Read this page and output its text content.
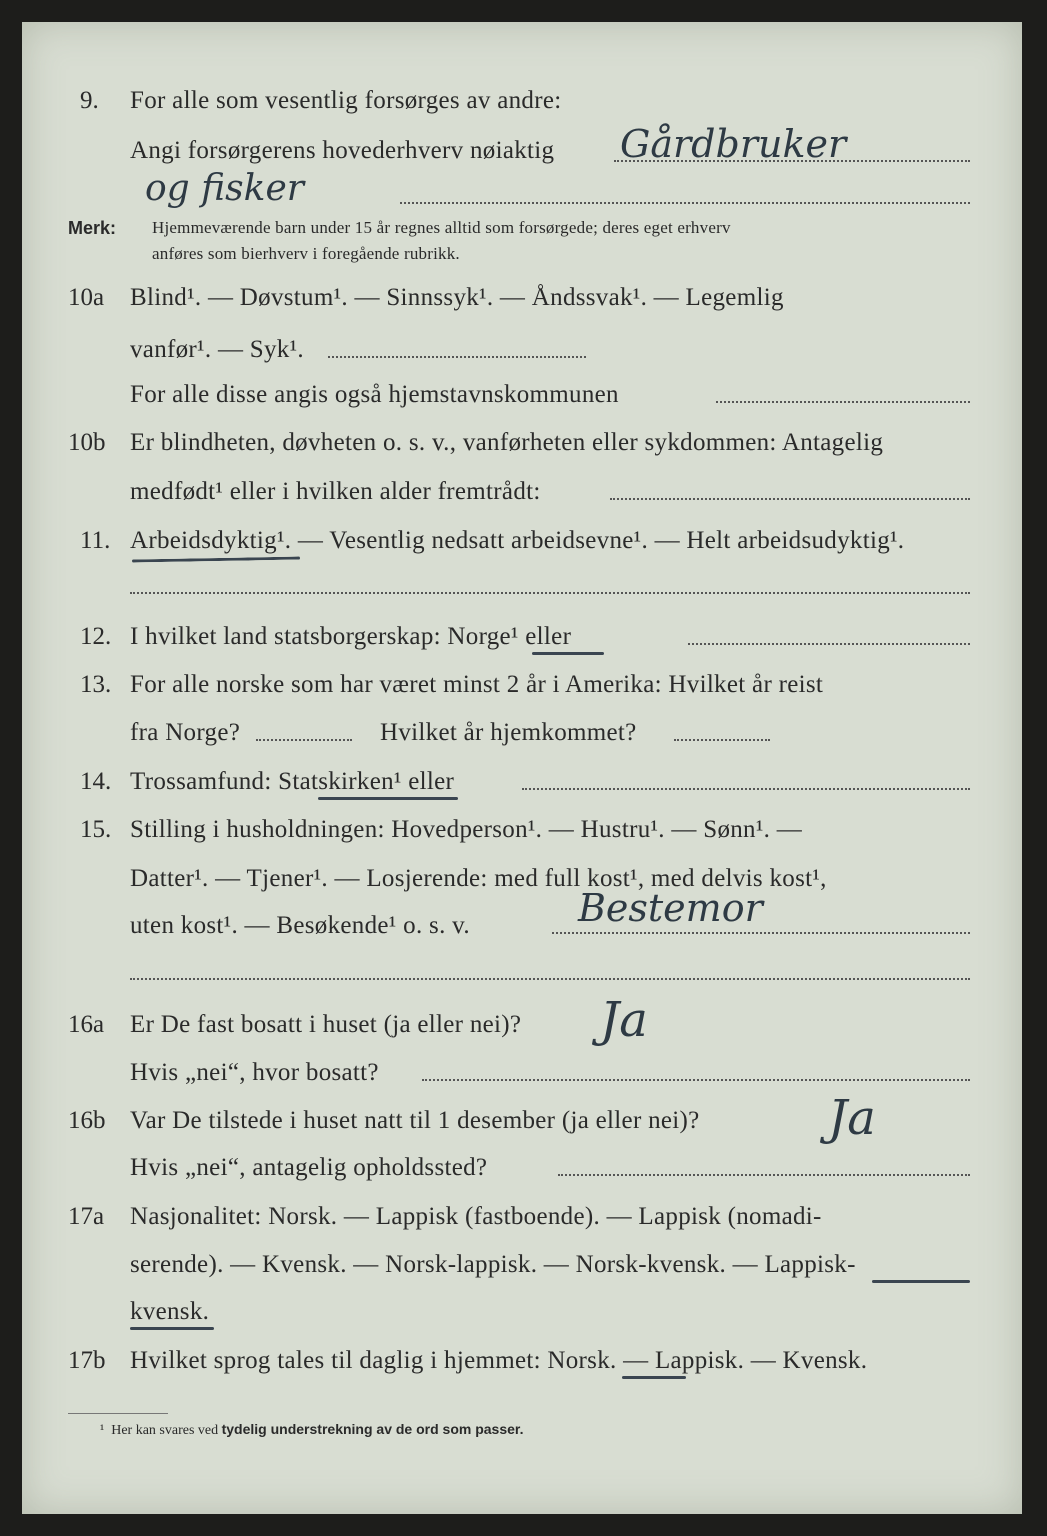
9. For alle som vesentlig forsørges av andre:
Angi forsørgerens hovederhverv nøiaktig Gårdbruker
og fisker
Merk: Hjemmeværende barn under 15 år regnes alltid som forsørgede; deres eget erhverv
anføres som bierhverv i foregående rubrikk.
10a Blind¹. — Døvstum¹. — Sinnssyk¹. — Åndssvak¹. — Legemlig
vanfør¹. — Syk¹.
For alle disse angis også hjemstavnskommunen
10b Er blindheten, døvheten o. s. v., vanførheten eller sykdommen: Antagelig
medfødt¹ eller i hvilken alder fremtrådt:
11. Arbeidsdyktig¹. — Vesentlig nedsatt arbeidsevne¹. — Helt arbeidsudyktig¹.
12. I hvilket land statsborgerskap: Norge¹ eller
13. For alle norske som har været minst 2 år i Amerika: Hvilket år reist
fra Norge?	Hvilket år hjemkommet?
14. Trossamfund: Statskirken¹ eller
15. Stilling i husholdningen: Hovedperson¹. — Hustru¹. — Sønn¹. —
Datter¹. — Tjener¹. — Losjerende: med full kost¹, med delvis kost¹,
uten kost¹. — Besøkende¹ o. s. v.	Bestemor
16a Er De fast bosatt i huset (ja eller nei)? Ja
Hvis „nei“, hvor bosatt?
16b Var De tilstede i huset natt til 1 desember (ja eller nei)?	Ja
Hvis „nei“, antagelig opholdssted?
17a Nasjonalitet: Norsk. — Lappisk (fastboende). — Lappisk (nomadi-
serende). — Kvensk. — Norsk-lappisk. — Norsk-kvensk. — Lappisk-
kvensk.
17b Hvilket sprog tales til daglig i hjemmet: Norsk. — Lappisk. — Kvensk.
¹ Her kan svares ved tydelig understrekning av de ord som passer.
